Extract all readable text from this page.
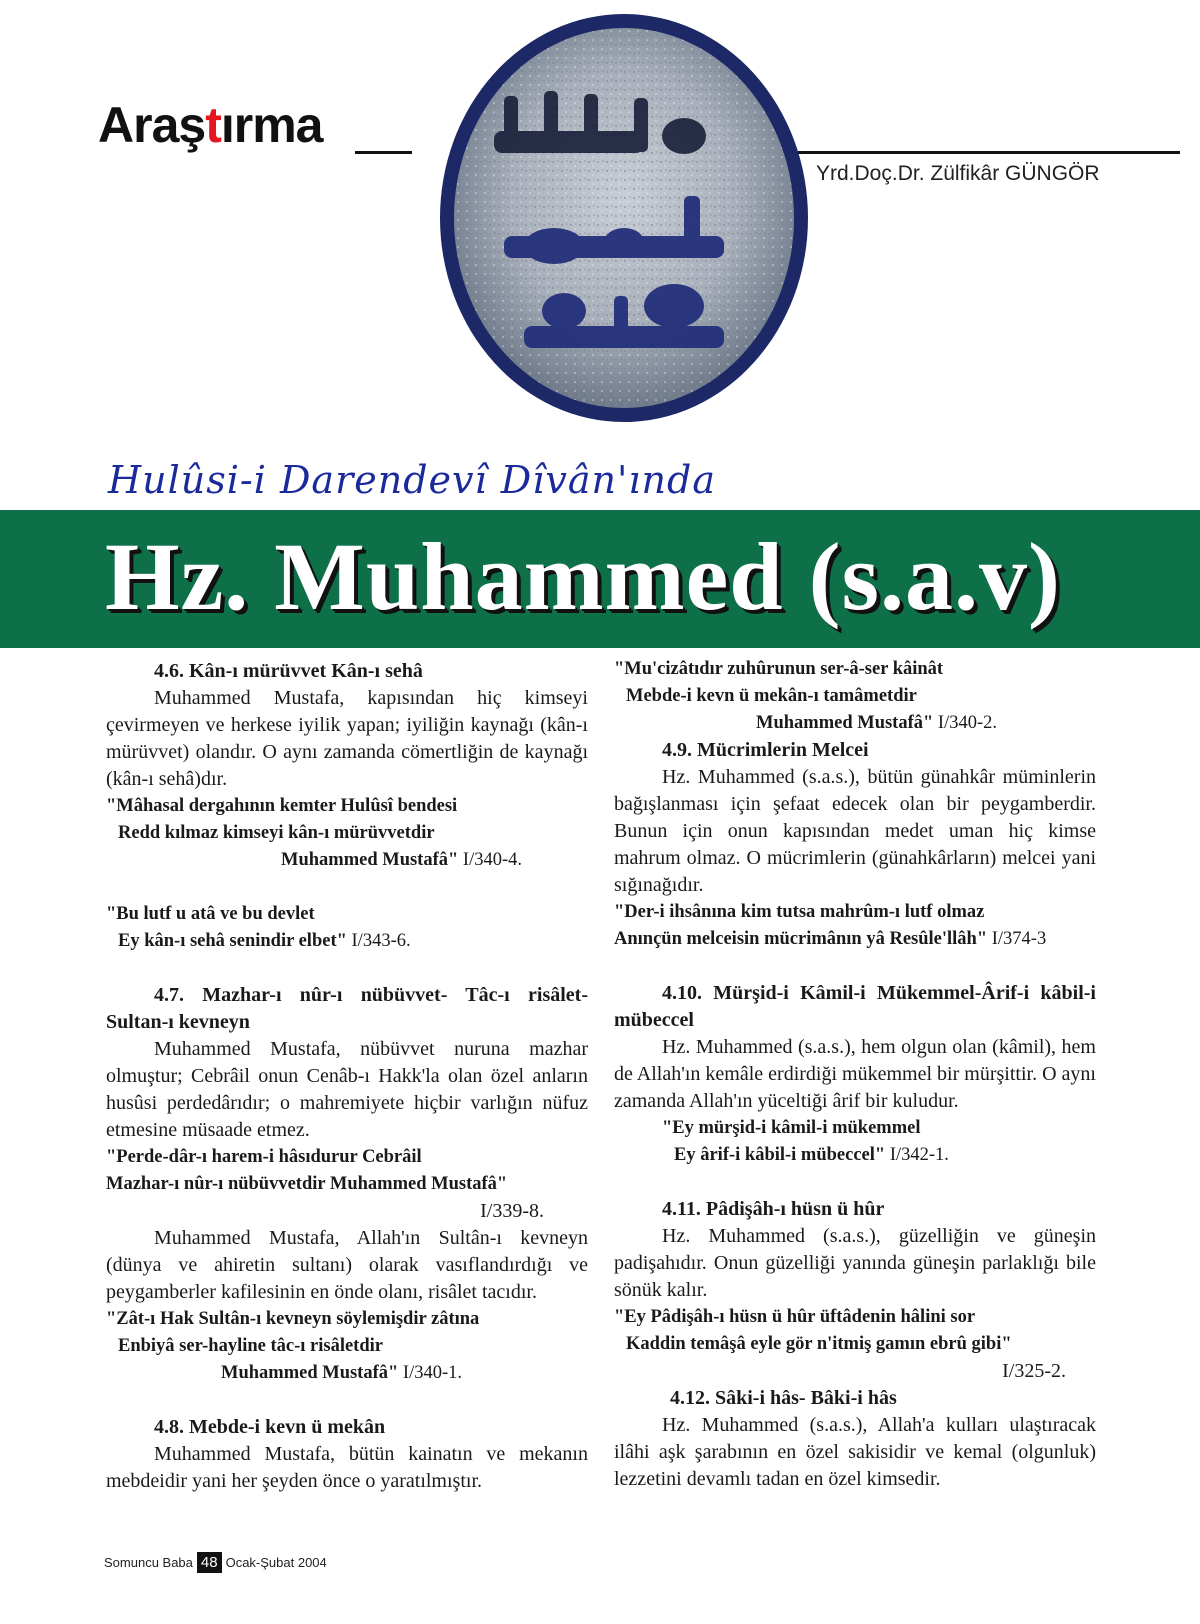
Araştırma
Yrd.Doç.Dr. Zülfikâr GÜNGÖR
Hulûsi-i Darendevî Dîvân'ında
Hz. Muhammed (s.a.v)

4.6. Kân-ı mürüvvet Kân-ı sehâ

Muhammed Mustafa, kapısından hiç kimseyi çevirmeyen ve herkese iyilik yapan; iyiliğin kaynağı (kân-ı mürüvvet) olandır. O aynı zamanda cömertliğin de kaynağı (kân-ı sehâ)dır.

"Mâhasal dergahının kemter Hulûsî bendesi

Redd kılmaz kimseyi kân-ı mürüvvetdir

Muhammed Mustafâ" I/340-4.

"Bu lutf u atâ ve bu devlet

Ey kân-ı sehâ senindir elbet" I/343-6.

4.7. Mazhar-ı nûr-ı nübüvvet- Tâc-ı risâlet- Sultan-ı kevneyn

Muhammed Mustafa, nübüvvet nuruna mazhar olmuştur; Cebrâil onun Cenâb-ı Hakk'la olan özel anların husûsi perdedârıdır; o mahremiyete hiçbir varlığın nüfuz etmesine müsaade etmez.

"Perde-dâr-ı harem-i hâsıdurur Cebrâil

Mazhar-ı nûr-ı nübüvvetdir Muhammed Mustafâ"

I/339-8.

Muhammed Mustafa, Allah'ın Sultân-ı kevneyn (dünya ve ahiretin sultanı) olarak vasıflandırdığı ve peygamberler kafilesinin en önde olanı, risâlet tacıdır.

"Zât-ı Hak Sultân-ı kevneyn söylemişdir zâtına

Enbiyâ ser-hayline tâc-ı risâletdir

Muhammed Mustafâ" I/340-1.

4.8. Mebde-i kevn ü mekân

Muhammed Mustafa, bütün kainatın ve mekanın mebdeidir yani her şeyden önce o yaratılmıştır.

"Mu'cizâtıdır zuhûrunun ser-â-ser kâinât

Mebde-i kevn ü mekân-ı tamâmetdir

Muhammed Mustafâ" I/340-2.

4.9. Mücrimlerin Melcei

Hz. Muhammed (s.a.s.), bütün günahkâr müminlerin bağışlanması için şefaat edecek olan bir peygamberdir. Bunun için onun kapısından medet uman hiç kimse mahrum olmaz. O mücrimlerin (günahkârların) melcei yani sığınağıdır.

"Der-i ihsânına kim tutsa mahrûm-ı lutf olmaz

Anınçün melceisin mücrimânın yâ Resûle'llâh" I/374-3

4.10. Mürşid-i Kâmil-i Mükemmel-Ârif-i kâbil-i mübeccel

Hz. Muhammed (s.a.s.), hem olgun olan (kâmil), hem de Allah'ın kemâle erdirdiği mükemmel bir mürşittir. O aynı zamanda Allah'ın yüceltiği ârif bir kuludur.

"Ey mürşid-i kâmil-i mükemmel

Ey ârif-i kâbil-i mübeccel" I/342-1.

4.11. Pâdişâh-ı hüsn ü hûr

Hz. Muhammed (s.a.s.), güzelliğin ve güneşin padişahıdır. Onun güzelliği yanında güneşin parlaklığı bile sönük kalır.

"Ey Pâdişâh-ı hüsn ü hûr üftâdenin hâlini sor

Kaddin temâşâ eyle gör n'itmiş gamın ebrû gibi"

I/325-2.

4.12. Sâki-i hâs- Bâki-i hâs

Hz. Muhammed (s.a.s.), Allah'a kulları ulaştıracak ilâhi aşk şarabının en özel sakisidir ve kemal (olgunluk) lezzetini devamlı tadan en özel kimsedir.

Somuncu Baba 48 Ocak-Şubat 2004
